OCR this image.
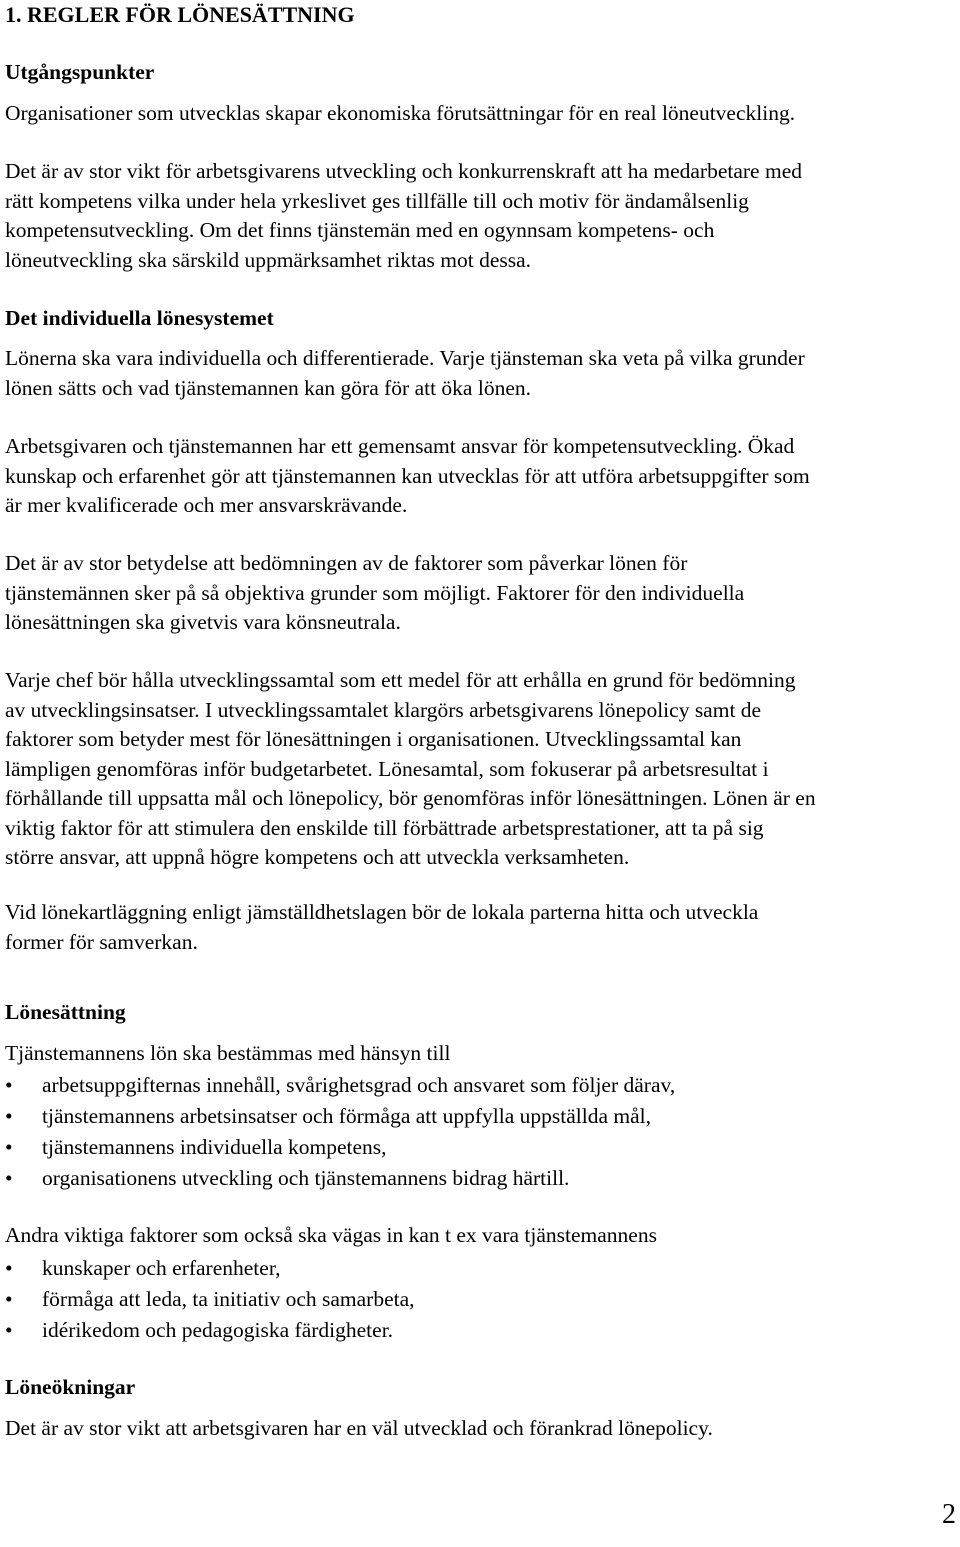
1. REGLER FÖR LÖNESÄTTNING
Utgångspunkter
Organisationer som utvecklas skapar ekonomiska förutsättningar för en real löneutveckling.
Det är av stor vikt för arbetsgivarens utveckling och konkurrenskraft att ha medarbetare med
rätt kompetens vilka under hela yrkeslivet ges tillfälle till och motiv för ändamålsenlig
kompetensutveckling. Om det finns tjänstemän med en ogynnsam kompetens- och
löneutveckling ska särskild uppmärksamhet riktas mot dessa.
Det individuella lönesystemet
Lönerna ska vara individuella och differentierade. Varje tjänsteman ska veta på vilka grunder
lönen sätts och vad tjänstemannen kan göra för att öka lönen.
Arbetsgivaren och tjänstemannen har ett gemensamt ansvar för kompetensutveckling. Ökad
kunskap och erfarenhet gör att tjänstemannen kan utvecklas för att utföra arbetsuppgifter som
är mer kvalificerade och mer ansvarskrävande.
Det är av stor betydelse att bedömningen av de faktorer som påverkar lönen för
tjänstemännen sker på så objektiva grunder som möjligt. Faktorer för den individuella
lönesättningen ska givetvis vara könsneutrala.
Varje chef bör hålla utvecklingssamtal som ett medel för att erhålla en grund för bedömning
av utvecklingsinsatser. I utvecklingssamtalet klargörs arbetsgivarens lönepolicy samt de
faktorer som betyder mest för lönesättningen i organisationen. Utvecklingssamtal kan
lämpligen genomföras inför budgetarbetet. Lönesamtal, som fokuserar på arbetsresultat i
förhållande till uppsatta mål och lönepolicy, bör genomföras inför lönesättningen. Lönen är en
viktig faktor för att stimulera den enskilde till förbättrade arbetsprestationer, att ta på sig
större ansvar, att uppnå högre kompetens och att utveckla verksamheten.
Vid lönekartläggning enligt jämställdhetslagen bör de lokala parterna hitta och utveckla
former för samverkan.
Lönesättning
Tjänstemannens lön ska bestämmas med hänsyn till
• arbetsuppgifternas innehåll, svårighetsgrad och ansvaret som följer därav,
• tjänstemannens arbetsinsatser och förmåga att uppfylla uppställda mål,
• tjänstemannens individuella kompetens,
• organisationens utveckling och tjänstemannens bidrag härtill.
Andra viktiga faktorer som också ska vägas in kan t ex vara tjänstemannens
• kunskaper och erfarenheter,
• förmåga att leda, ta initiativ och samarbeta,
• idérikedom och pedagogiska färdigheter.
Löneökningar
Det är av stor vikt att arbetsgivaren har en väl utvecklad och förankrad lönepolicy.
2
